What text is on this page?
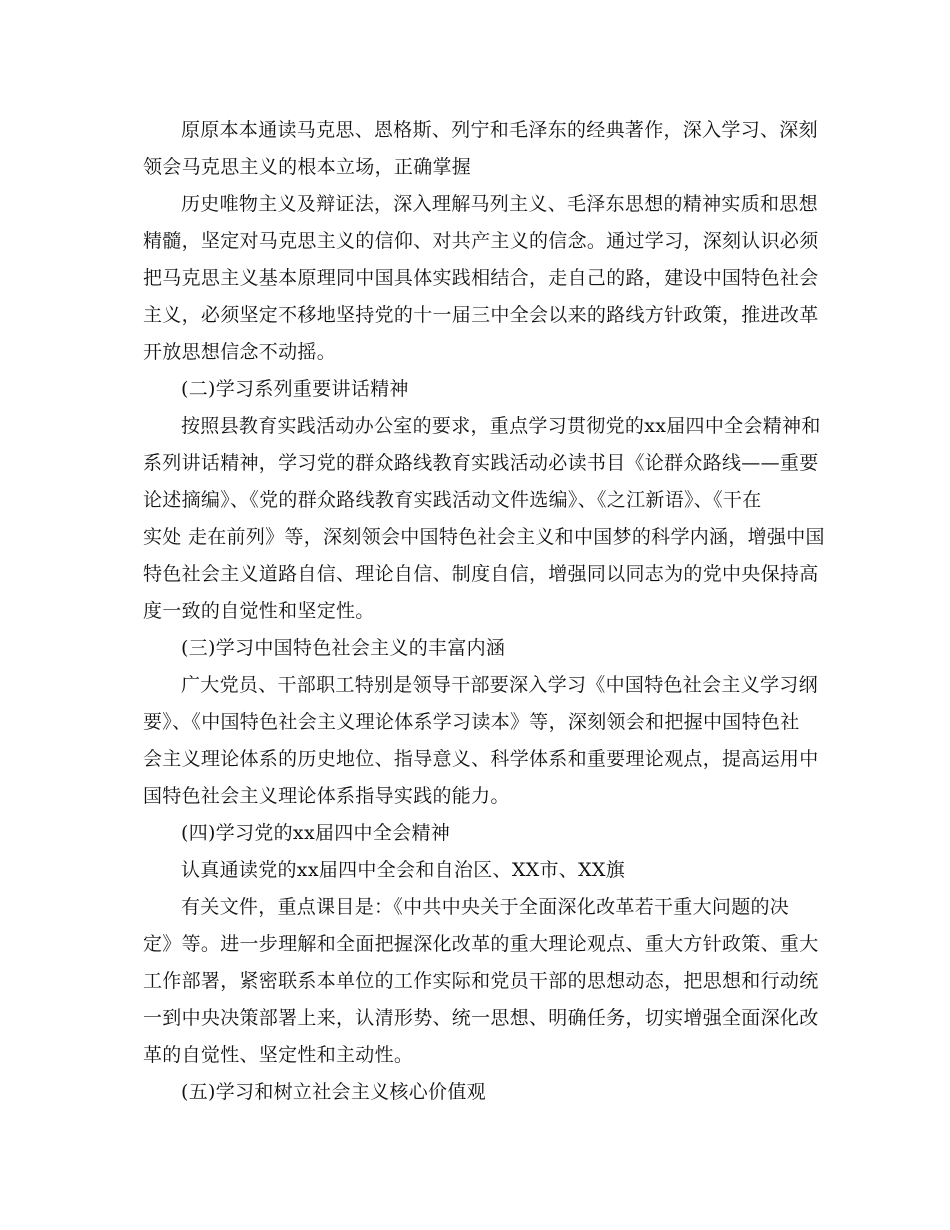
原原本本通读马克思、恩格斯、列宁和毛泽东的经典著作，深入学习、深刻
领会马克思主义的根本立场，正确掌握
历史唯物主义及辩证法，深入理解马列主义、毛泽东思想的精神实质和思想
精髓，坚定对马克思主义的信仰、对共产主义的信念。通过学习，深刻认识必须
把马克思主义基本原理同中国具体实践相结合，走自己的路，建设中国特色社会
主义，必须坚定不移地坚持党的十一届三中全会以来的路线方针政策，推进改革
开放思想信念不动摇。
(二)学习系列重要讲话精神
按照县教育实践活动办公室的要求，重点学习贯彻党的xx届四中全会精神和
系列讲话精神，学习党的群众路线教育实践活动必读书目《论群众路线——重要
论述摘编》、《党的群众路线教育实践活动文件选编》、《之江新语》、《干在
实处 走在前列》等，深刻领会中国特色社会主义和中国梦的科学内涵，增强中国
特色社会主义道路自信、理论自信、制度自信，增强同以同志为的党中央保持高
度一致的自觉性和坚定性。
(三)学习中国特色社会主义的丰富内涵
广大党员、干部职工特别是领导干部要深入学习《中国特色社会主义学习纲
要》、《中国特色社会主义理论体系学习读本》等，深刻领会和把握中国特色社
会主义理论体系的历史地位、指导意义、科学体系和重要理论观点，提高运用中
国特色社会主义理论体系指导实践的能力。
(四)学习党的xx届四中全会精神
认真通读党的xx届四中全会和自治区、XX市、XX旗
有关文件，重点课目是：《中共中央关于全面深化改革若干重大问题的决
定》等。进一步理解和全面把握深化改革的重大理论观点、重大方针政策、重大
工作部署，紧密联系本单位的工作实际和党员干部的思想动态，把思想和行动统
一到中央决策部署上来，认清形势、统一思想、明确任务，切实增强全面深化改
革的自觉性、坚定性和主动性。
(五)学习和树立社会主义核心价值观
